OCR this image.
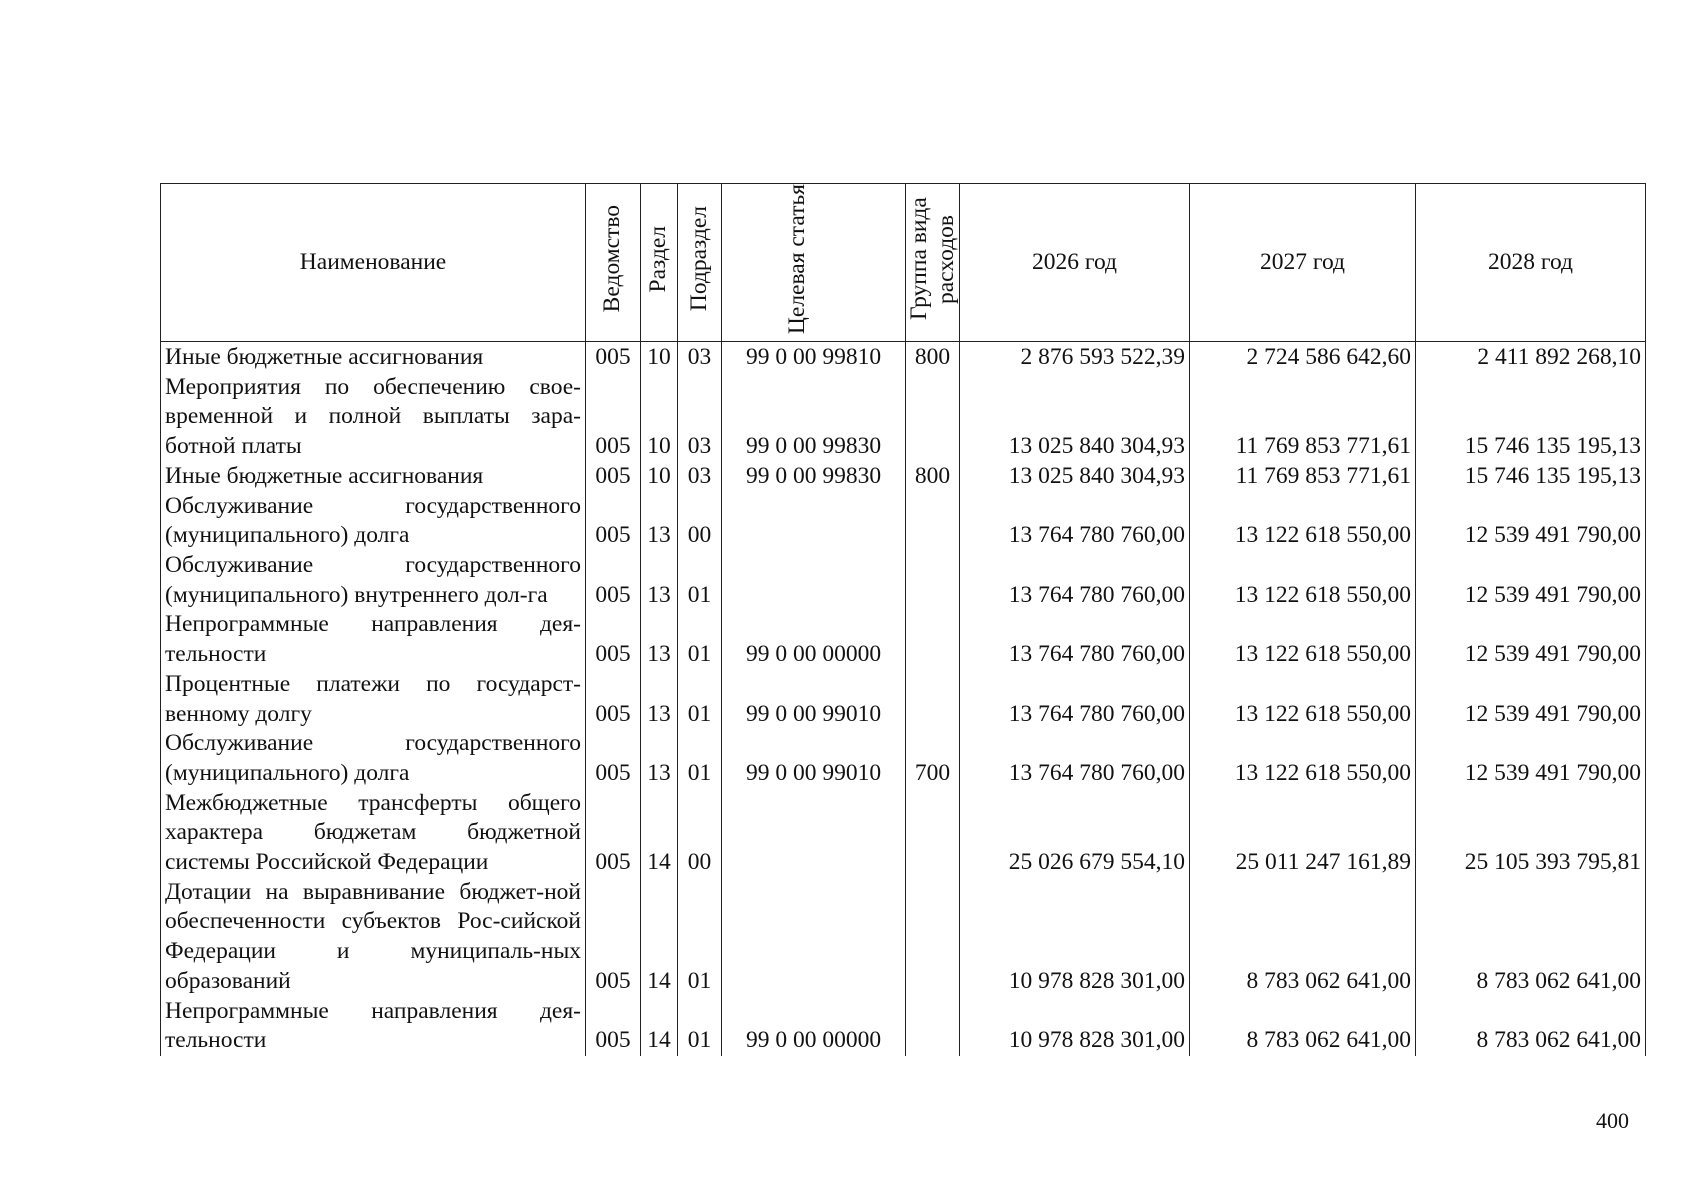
Наименование	Ведомство	Раздел	Подраздел	Целевая статья	Группа вида расходов	2026 год	2027 год	2028 год
Иные бюджетные ассигнования	005	10	03	99 0 00 99810	800	2 876 593 522,39	2 724 586 642,60	2 411 892 268,10
Мероприятия по обеспечению свое-временной и полной выплаты зара-ботной платы	005	10	03	99 0 00 99830		13 025 840 304,93	11 769 853 771,61	15 746 135 195,13
Иные бюджетные ассигнования	005	10	03	99 0 00 99830	800	13 025 840 304,93	11 769 853 771,61	15 746 135 195,13
Обслуживание государственного (муниципального) долга	005	13	00			13 764 780 760,00	13 122 618 550,00	12 539 491 790,00
Обслуживание государственного (муниципального) внутреннего дол-га	005	13	01			13 764 780 760,00	13 122 618 550,00	12 539 491 790,00
Непрограммные направления дея-тельности	005	13	01	99 0 00 00000		13 764 780 760,00	13 122 618 550,00	12 539 491 790,00
Процентные платежи по государст-венному долгу	005	13	01	99 0 00 99010		13 764 780 760,00	13 122 618 550,00	12 539 491 790,00
Обслуживание государственного (муниципального) долга	005	13	01	99 0 00 99010	700	13 764 780 760,00	13 122 618 550,00	12 539 491 790,00
Межбюджетные трансферты общего характера бюджетам бюджетной системы Российской Федерации	005	14	00			25 026 679 554,10	25 011 247 161,89	25 105 393 795,81
Дотации на выравнивание бюджет-ной обеспеченности субъектов Рос-сийской Федерации и муниципаль-ных образований	005	14	01			10 978 828 301,00	8 783 062 641,00	8 783 062 641,00
Непрограммные направления дея-тельности	005	14	01	99 0 00 00000		10 978 828 301,00	8 783 062 641,00	8 783 062 641,00
400
